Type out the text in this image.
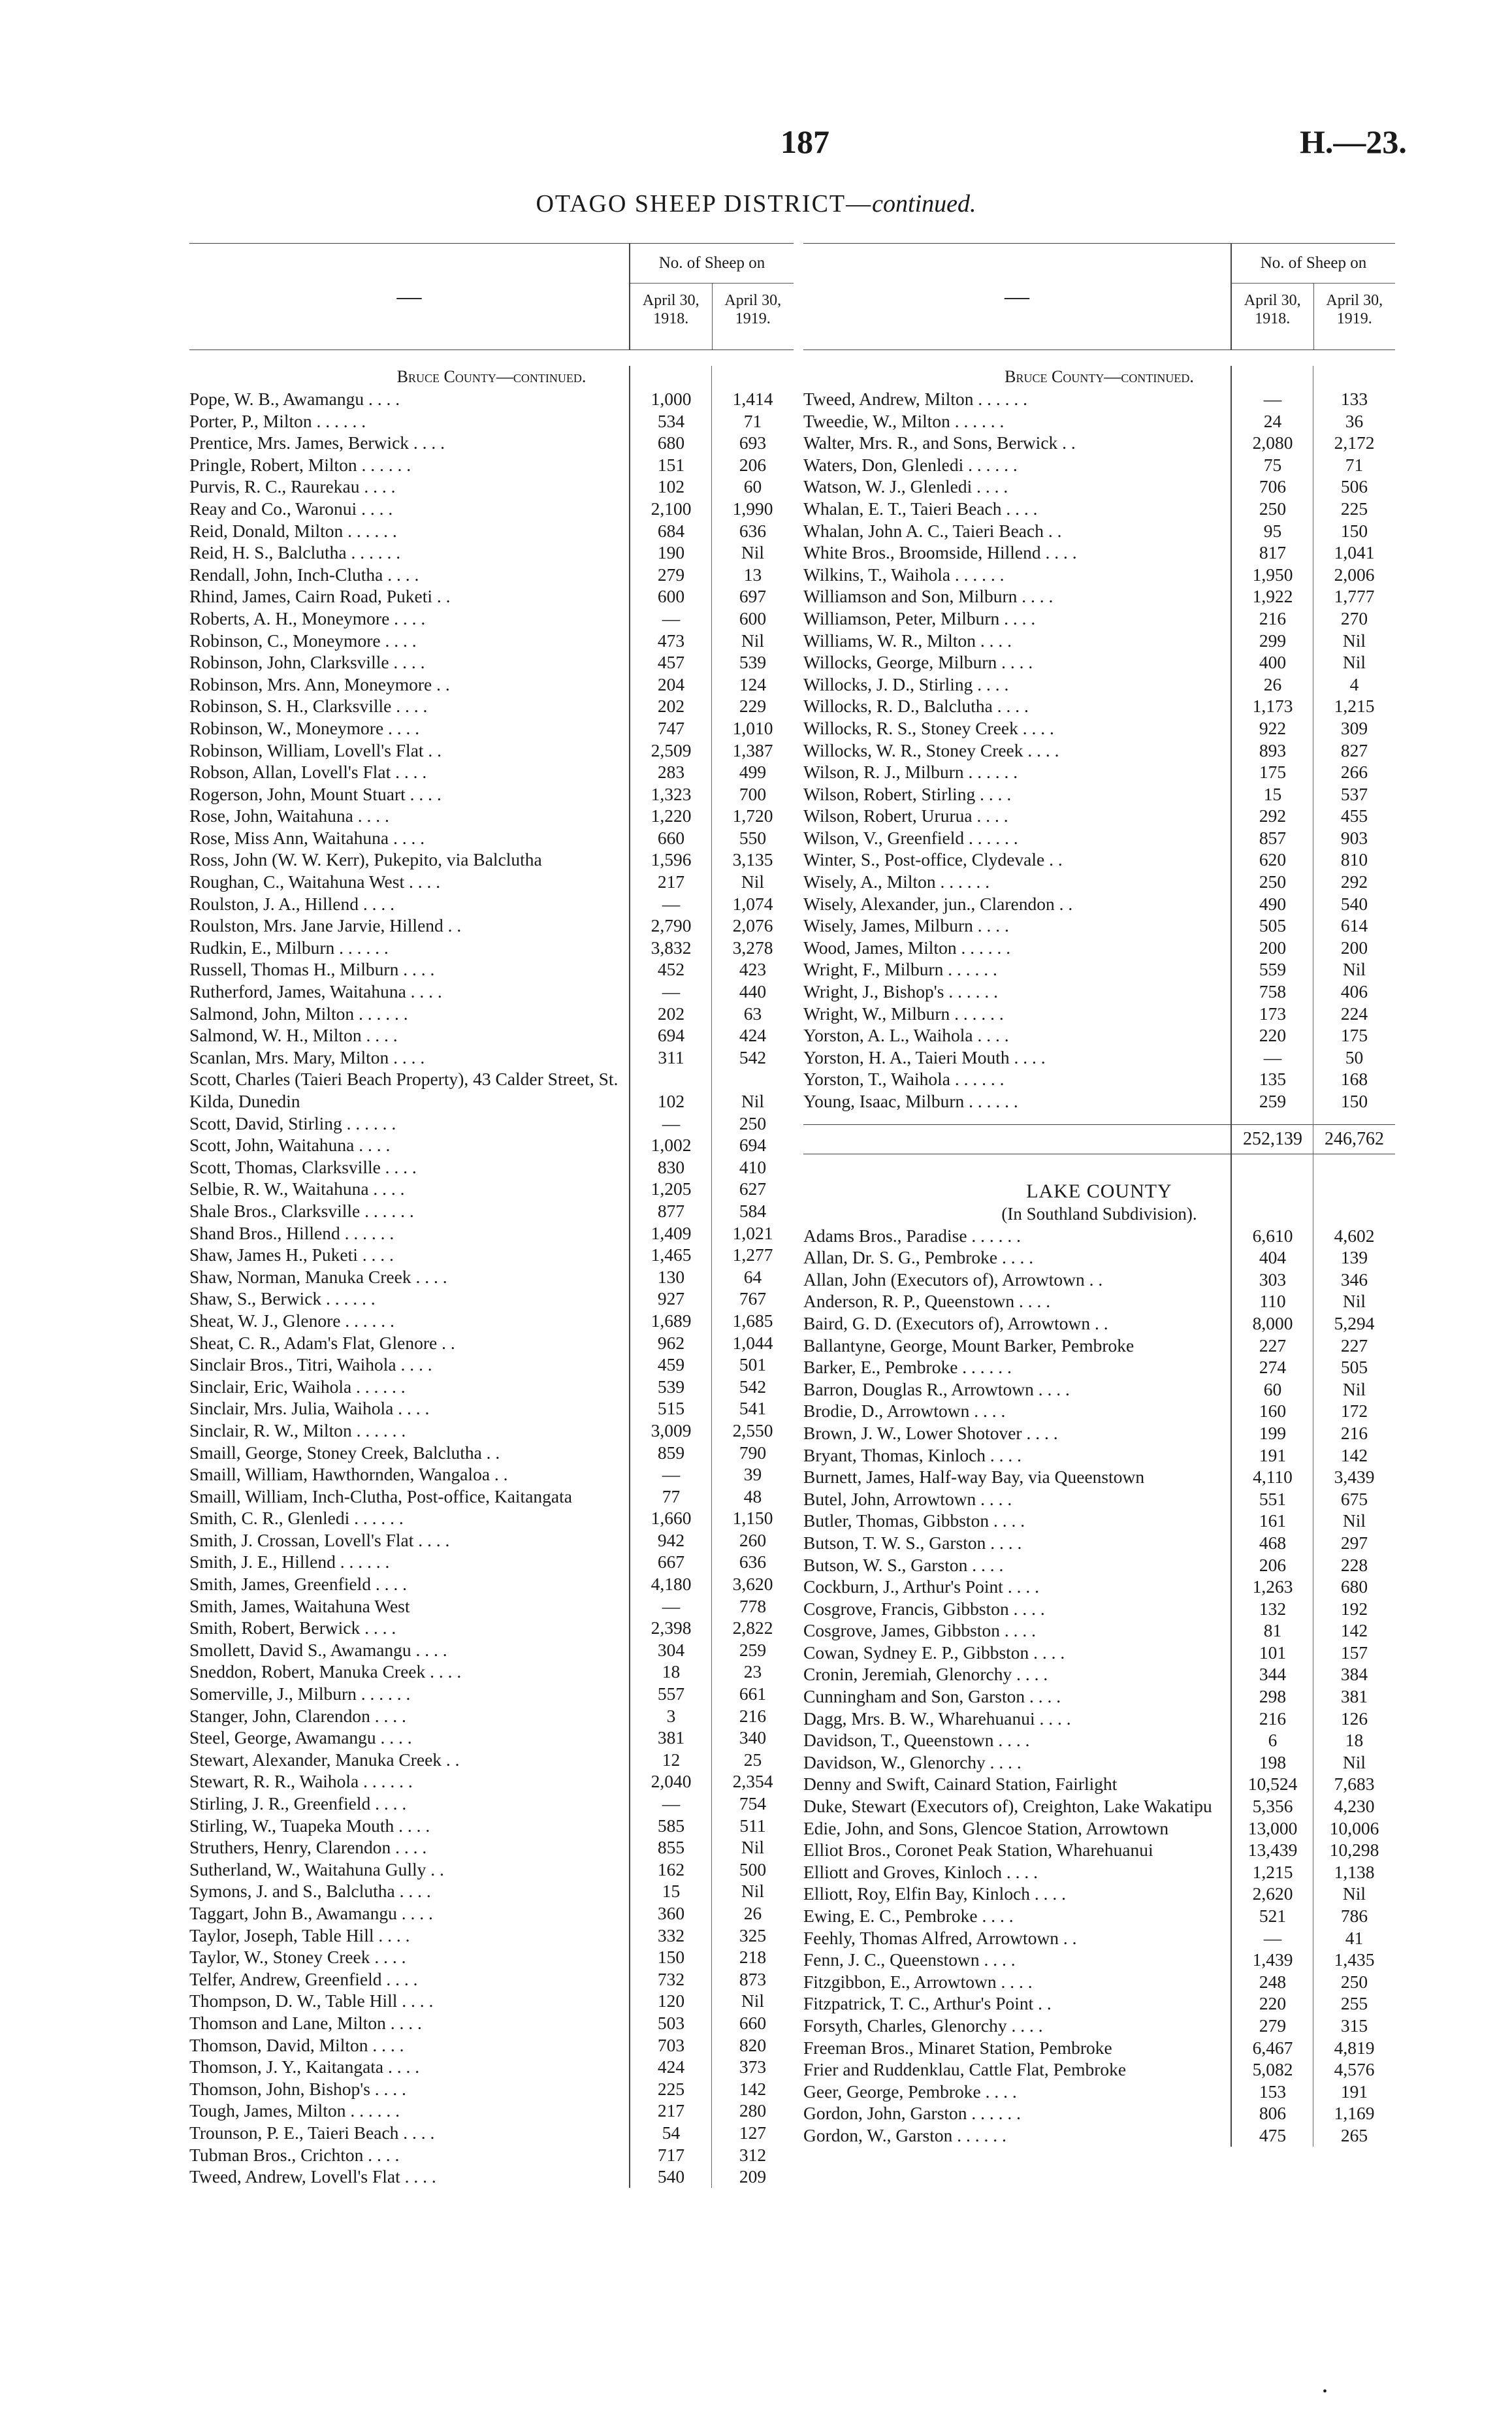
187	H.—23.
OTAGO SHEEP DISTRICT—continued.
—
No. of Sheep on
April 30, 1918.
April 30, 1919.
Bruce County—continued.
Pope, W. B., Awamangu . . . .	1,000	1,414
Porter, P., Milton . . . . . .	534	71
Prentice, Mrs. James, Berwick . . . .	680	693
Pringle, Robert, Milton . . . . . .	151	206
Purvis, R. C., Raurekau . . . .	102	60
Reay and Co., Waronui . . . .	2,100	1,990
Reid, Donald, Milton . . . . . .	684	636
Reid, H. S., Balclutha . . . . . .	190	Nil
Rendall, John, Inch-Clutha . . . .	279	13
Rhind, James, Cairn Road, Puketi . .	600	697
Roberts, A. H., Moneymore . . . .	—	600
Robinson, C., Moneymore . . . .	473	Nil
Robinson, John, Clarksville . . . .	457	539
Robinson, Mrs. Ann, Moneymore . .	204	124
Robinson, S. H., Clarksville . . . .	202	229
Robinson, W., Moneymore . . . .	747	1,010
Robinson, William, Lovell's Flat . .	2,509	1,387
Robson, Allan, Lovell's Flat . . . .	283	499
Rogerson, John, Mount Stuart . . . .	1,323	700
Rose, John, Waitahuna . . . .	1,220	1,720
Rose, Miss Ann, Waitahuna . . . .	660	550
Ross, John (W. W. Kerr), Pukepito, via Balclutha	1,596	3,135
Roughan, C., Waitahuna West . . . .	217	Nil
Roulston, J. A., Hillend . . . .	—	1,074
Roulston, Mrs. Jane Jarvie, Hillend . .	2,790	2,076
Rudkin, E., Milburn . . . . . .	3,832	3,278
Russell, Thomas H., Milburn . . . .	452	423
Rutherford, James, Waitahuna . . . .	—	440
Salmond, John, Milton . . . . . .	202	63
Salmond, W. H., Milton . . . .	694	424
Scanlan, Mrs. Mary, Milton . . . .	311	542
Scott, Charles (Taieri Beach Property), 43 Calder Street, St. Kilda, Dunedin	102	Nil
Scott, David, Stirling . . . . . .	—	250
Scott, John, Waitahuna . . . .	1,002	694
Scott, Thomas, Clarksville . . . .	830	410
Selbie, R. W., Waitahuna . . . .	1,205	627
Shale Bros., Clarksville . . . . . .	877	584
Shand Bros., Hillend . . . . . .	1,409	1,021
Shaw, James H., Puketi . . . .	1,465	1,277
Shaw, Norman, Manuka Creek . . . .	130	64
Shaw, S., Berwick . . . . . .	927	767
Sheat, W. J., Glenore . . . . . .	1,689	1,685
Sheat, C. R., Adam's Flat, Glenore . .	962	1,044
Sinclair Bros., Titri, Waihola . . . .	459	501
Sinclair, Eric, Waihola . . . . . .	539	542
Sinclair, Mrs. Julia, Waihola . . . .	515	541
Sinclair, R. W., Milton . . . . . .	3,009	2,550
Smaill, George, Stoney Creek, Balclutha . .	859	790
Smaill, William, Hawthornden, Wangaloa . .	—	39
Smaill, William, Inch-Clutha, Post-office, Kaitangata	77	48
Smith, C. R., Glenledi . . . . . .	1,660	1,150
Smith, J. Crossan, Lovell's Flat . . . .	942	260
Smith, J. E., Hillend . . . . . .	667	636
Smith, James, Greenfield . . . .	4,180	3,620
Smith, James, Waitahuna West	—	778
Smith, Robert, Berwick . . . .	2,398	2,822
Smollett, David S., Awamangu . . . .	304	259
Sneddon, Robert, Manuka Creek . . . .	18	23
Somerville, J., Milburn . . . . . .	557	661
Stanger, John, Clarendon . . . .	3	216
Steel, George, Awamangu . . . .	381	340
Stewart, Alexander, Manuka Creek . .	12	25
Stewart, R. R., Waihola . . . . . .	2,040	2,354
Stirling, J. R., Greenfield . . . .	—	754
Stirling, W., Tuapeka Mouth . . . .	585	511
Struthers, Henry, Clarendon . . . .	855	Nil
Sutherland, W., Waitahuna Gully . .	162	500
Symons, J. and S., Balclutha . . . .	15	Nil
Taggart, John B., Awamangu . . . .	360	26
Taylor, Joseph, Table Hill . . . .	332	325
Taylor, W., Stoney Creek . . . .	150	218
Telfer, Andrew, Greenfield . . . .	732	873
Thompson, D. W., Table Hill . . . .	120	Nil
Thomson and Lane, Milton . . . .	503	660
Thomson, David, Milton . . . .	703	820
Thomson, J. Y., Kaitangata . . . .	424	373
Thomson, John, Bishop's . . . .	225	142
Tough, James, Milton . . . . . .	217	280
Trounson, P. E., Taieri Beach . . . .	54	127
Tubman Bros., Crichton . . . .	717	312
Tweed, Andrew, Lovell's Flat . . . .	540	209
—
No. of Sheep on
April 30, 1918.
April 30, 1919.
Bruce County—continued.
Tweed, Andrew, Milton . . . . . .	—	133
Tweedie, W., Milton . . . . . .	24	36
Walter, Mrs. R., and Sons, Berwick . .	2,080	2,172
Waters, Don, Glenledi . . . . . .	75	71
Watson, W. J., Glenledi . . . .	706	506
Whalan, E. T., Taieri Beach . . . .	250	225
Whalan, John A. C., Taieri Beach . .	95	150
White Bros., Broomside, Hillend . . . .	817	1,041
Wilkins, T., Waihola . . . . . .	1,950	2,006
Williamson and Son, Milburn . . . .	1,922	1,777
Williamson, Peter, Milburn . . . .	216	270
Williams, W. R., Milton . . . .	299	Nil
Willocks, George, Milburn . . . .	400	Nil
Willocks, J. D., Stirling . . . .	26	4
Willocks, R. D., Balclutha . . . .	1,173	1,215
Willocks, R. S., Stoney Creek . . . .	922	309
Willocks, W. R., Stoney Creek . . . .	893	827
Wilson, R. J., Milburn . . . . . .	175	266
Wilson, Robert, Stirling . . . .	15	537
Wilson, Robert, Ururua . . . .	292	455
Wilson, V., Greenfield . . . . . .	857	903
Winter, S., Post-office, Clydevale . .	620	810
Wisely, A., Milton . . . . . .	250	292
Wisely, Alexander, jun., Clarendon . .	490	540
Wisely, James, Milburn . . . .	505	614
Wood, James, Milton . . . . . .	200	200
Wright, F., Milburn . . . . . .	559	Nil
Wright, J., Bishop's . . . . . .	758	406
Wright, W., Milburn . . . . . .	173	224
Yorston, A. L., Waihola . . . .	220	175
Yorston, H. A., Taieri Mouth . . . .	—	50
Yorston, T., Waihola . . . . . .	135	168
Young, Isaac, Milburn . . . . . .	259	150
252,139	246,762
LAKE COUNTY
(In Southland Subdivision).
Adams Bros., Paradise . . . . . .	6,610	4,602
Allan, Dr. S. G., Pembroke . . . .	404	139
Allan, John (Executors of), Arrowtown . .	303	346
Anderson, R. P., Queenstown . . . .	110	Nil
Baird, G. D. (Executors of), Arrowtown . .	8,000	5,294
Ballantyne, George, Mount Barker, Pembroke	227	227
Barker, E., Pembroke . . . . . .	274	505
Barron, Douglas R., Arrowtown . . . .	60	Nil
Brodie, D., Arrowtown . . . .	160	172
Brown, J. W., Lower Shotover . . . .	199	216
Bryant, Thomas, Kinloch . . . .	191	142
Burnett, James, Half-way Bay, via Queenstown	4,110	3,439
Butel, John, Arrowtown . . . .	551	675
Butler, Thomas, Gibbston . . . .	161	Nil
Butson, T. W. S., Garston . . . .	468	297
Butson, W. S., Garston . . . .	206	228
Cockburn, J., Arthur's Point . . . .	1,263	680
Cosgrove, Francis, Gibbston . . . .	132	192
Cosgrove, James, Gibbston . . . .	81	142
Cowan, Sydney E. P., Gibbston . . . .	101	157
Cronin, Jeremiah, Glenorchy . . . .	344	384
Cunningham and Son, Garston . . . .	298	381
Dagg, Mrs. B. W., Wharehuanui . . . .	216	126
Davidson, T., Queenstown . . . .	6	18
Davidson, W., Glenorchy . . . .	198	Nil
Denny and Swift, Cainard Station, Fairlight	10,524	7,683
Duke, Stewart (Executors of), Creighton, Lake Wakatipu	5,356	4,230
Edie, John, and Sons, Glencoe Station, Arrowtown	13,000	10,006
Elliot Bros., Coronet Peak Station, Wharehuanui	13,439	10,298
Elliott and Groves, Kinloch . . . .	1,215	1,138
Elliott, Roy, Elfin Bay, Kinloch . . . .	2,620	Nil
Ewing, E. C., Pembroke . . . .	521	786
Feehly, Thomas Alfred, Arrowtown . .	—	41
Fenn, J. C., Queenstown . . . .	1,439	1,435
Fitzgibbon, E., Arrowtown . . . .	248	250
Fitzpatrick, T. C., Arthur's Point . .	220	255
Forsyth, Charles, Glenorchy . . . .	279	315
Freeman Bros., Minaret Station, Pembroke	6,467	4,819
Frier and Ruddenklau, Cattle Flat, Pembroke	5,082	4,576
Geer, George, Pembroke . . . .	153	191
Gordon, John, Garston . . . . . .	806	1,169
Gordon, W., Garston . . . . . .	475	265
•
